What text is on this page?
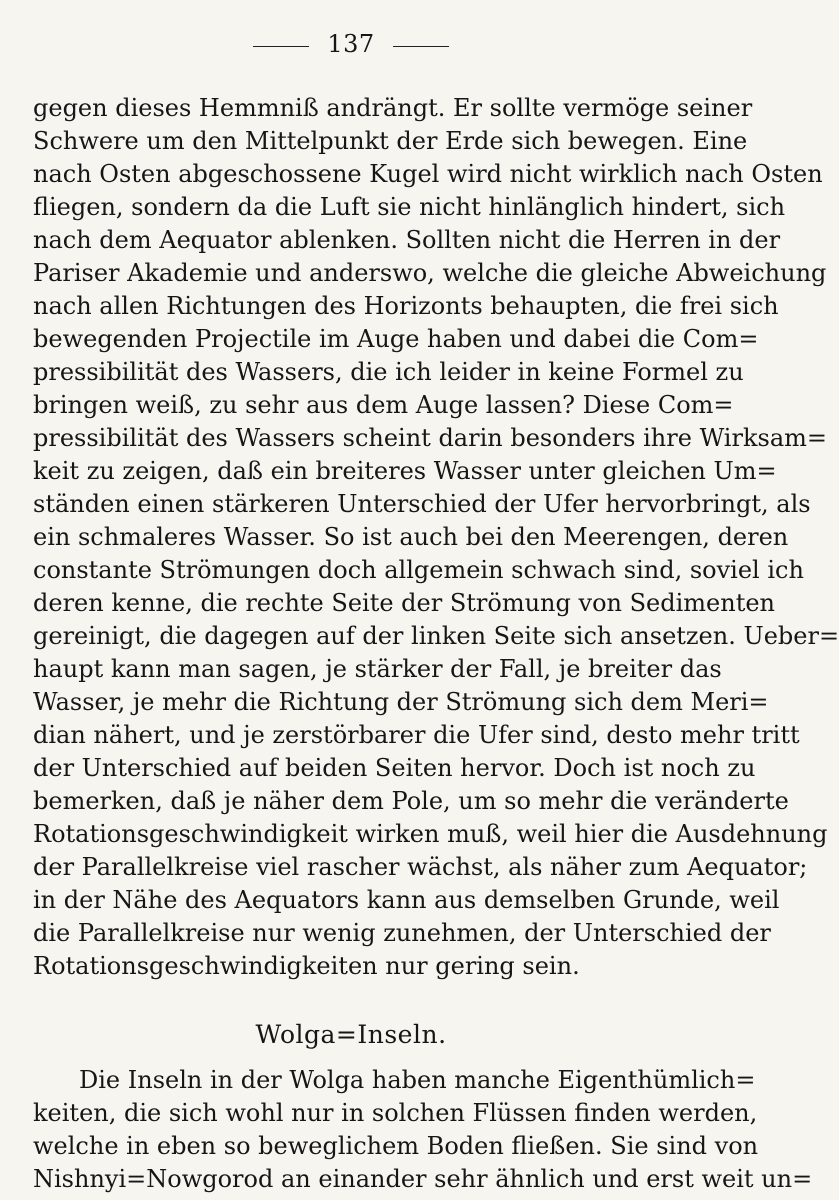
137
gegen dieses Hemmniß andrängt. Er sollte vermöge seiner
Schwere um den Mittelpunkt der Erde sich bewegen. Eine
nach Osten abgeschossene Kugel wird nicht wirklich nach Osten
fliegen, sondern da die Luft sie nicht hinlänglich hindert, sich
nach dem Aequator ablenken. Sollten nicht die Herren in der
Pariser Akademie und anderswo, welche die gleiche Abweichung
nach allen Richtungen des Horizonts behaupten, die frei sich
bewegenden Projectile im Auge haben und dabei die Com=
pressibilität des Wassers, die ich leider in keine Formel zu
bringen weiß, zu sehr aus dem Auge lassen? Diese Com=
pressibilität des Wassers scheint darin besonders ihre Wirksam=
keit zu zeigen, daß ein breiteres Wasser unter gleichen Um=
ständen einen stärkeren Unterschied der Ufer hervorbringt, als
ein schmaleres Wasser. So ist auch bei den Meerengen, deren
constante Strömungen doch allgemein schwach sind, soviel ich
deren kenne, die rechte Seite der Strömung von Sedimenten
gereinigt, die dagegen auf der linken Seite sich ansetzen. Ueber=
haupt kann man sagen, je stärker der Fall, je breiter das
Wasser, je mehr die Richtung der Strömung sich dem Meri=
dian nähert, und je zerstörbarer die Ufer sind, desto mehr tritt
der Unterschied auf beiden Seiten hervor. Doch ist noch zu
bemerken, daß je näher dem Pole, um so mehr die veränderte
Rotationsgeschwindigkeit wirken muß, weil hier die Ausdehnung
der Parallelkreise viel rascher wächst, als näher zum Aequator;
in der Nähe des Aequators kann aus demselben Grunde, weil
die Parallelkreise nur wenig zunehmen, der Unterschied der
Rotationsgeschwindigkeiten nur gering sein.
Wolga=Inseln.
Die Inseln in der Wolga haben manche Eigenthümlich=
keiten, die sich wohl nur in solchen Flüssen finden werden,
welche in eben so beweglichem Boden fließen. Sie sind von
Nishnyi=Nowgorod an einander sehr ähnlich und erst weit un=
